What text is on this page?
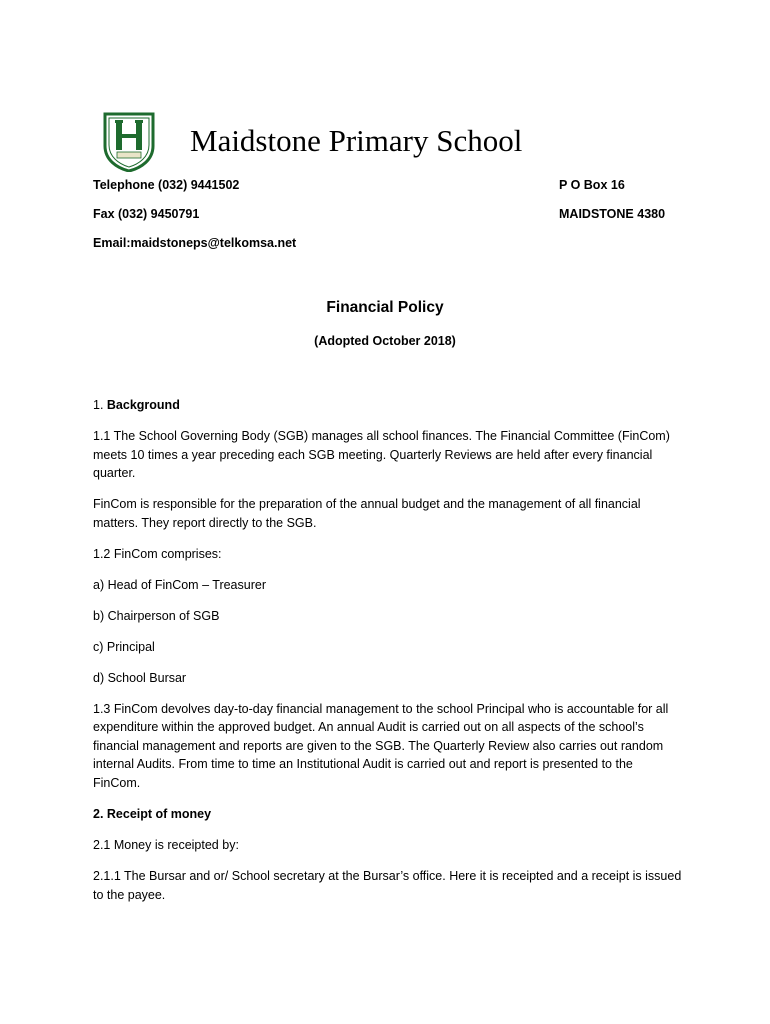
Maidstone Primary School
Telephone (032) 9441502
Fax (032) 9450791
Email:maidstoneps@telkomsa.net
P O Box 16
MAIDSTONE 4380
Financial Policy
(Adopted October 2018)

1. Background

1.1 The School Governing Body (SGB) manages all school finances. The Financial Committee (FinCom) meets 10 times a year preceding each SGB meeting. Quarterly Reviews are held after every financial quarter.

FinCom is responsible for the preparation of the annual budget and the management of all financial matters. They report directly to the SGB.

1.2 FinCom comprises:

a) Head of FinCom – Treasurer

b) Chairperson of SGB

c) Principal

d) School Bursar

1.3 FinCom devolves day-to-day financial management to the school Principal who is accountable for all expenditure within the approved budget. An annual Audit is carried out on all aspects of the school’s financial management and reports are given to the SGB. The Quarterly Review also carries out random internal Audits. From time to time an Institutional Audit is carried out and report is presented to the FinCom.

2. Receipt of money

2.1 Money is receipted by:

2.1.1 The Bursar and or/ School secretary at the Bursar’s office. Here it is receipted and a receipt is issued to the payee.
